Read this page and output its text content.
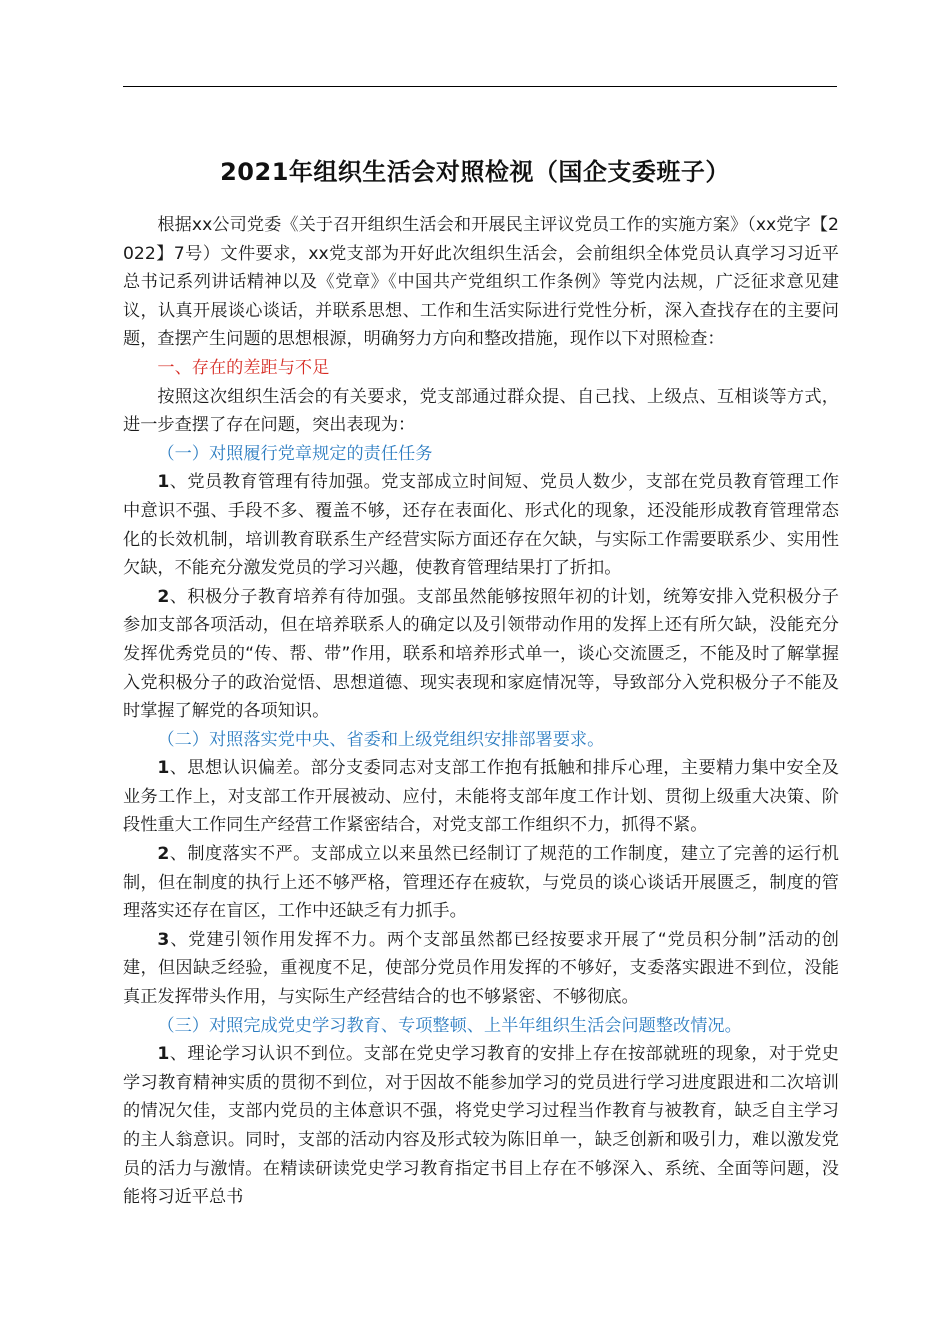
2021年组织生活会对照检视（国企支委班子）

根据xx公司党委《关于召开组织生活会和开展民主评议党员工作的实施方案》（xx党字【2022】7号）文件要求，xx党支部为开好此次组织生活会，会前组织全体党员认真学习习近平总书记系列讲话精神以及《党章》《中国共产党组织工作条例》等党内法规，广泛征求意见建议，认真开展谈心谈话，并联系思想、工作和生活实际进行党性分析，深入查找存在的主要问题，查摆产生问题的思想根源，明确努力方向和整改措施，现作以下对照检查：

一、存在的差距与不足

按照这次组织生活会的有关要求，党支部通过群众提、自己找、上级点、互相谈等方式，进一步查摆了存在问题，突出表现为：

（一）对照履行党章规定的责任任务

1、党员教育管理有待加强。党支部成立时间短、党员人数少，支部在党员教育管理工作中意识不强、手段不多、覆盖不够，还存在表面化、形式化的现象，还没能形成教育管理常态化的长效机制，培训教育联系生产经营实际方面还存在欠缺，与实际工作需要联系少、实用性欠缺，不能充分激发党员的学习兴趣，使教育管理结果打了折扣。

2、积极分子教育培养有待加强。支部虽然能够按照年初的计划，统筹安排入党积极分子参加支部各项活动，但在培养联系人的确定以及引领带动作用的发挥上还有所欠缺，没能充分发挥优秀党员的“传、帮、带”作用，联系和培养形式单一，谈心交流匮乏，不能及时了解掌握入党积极分子的政治觉悟、思想道德、现实表现和家庭情况等，导致部分入党积极分子不能及时掌握了解党的各项知识。

（二）对照落实党中央、省委和上级党组织安排部署要求。

1、思想认识偏差。部分支委同志对支部工作抱有抵触和排斥心理，主要精力集中安全及业务工作上，对支部工作开展被动、应付，未能将支部年度工作计划、贯彻上级重大决策、阶段性重大工作同生产经营工作紧密结合，对党支部工作组织不力，抓得不紧。

2、制度落实不严。支部成立以来虽然已经制订了规范的工作制度，建立了完善的运行机制，但在制度的执行上还不够严格，管理还存在疲软，与党员的谈心谈话开展匮乏，制度的管理落实还存在盲区，工作中还缺乏有力抓手。

3、党建引领作用发挥不力。两个支部虽然都已经按要求开展了“党员积分制”活动的创建，但因缺乏经验，重视度不足，使部分党员作用发挥的不够好，支委落实跟进不到位，没能真正发挥带头作用，与实际生产经营结合的也不够紧密、不够彻底。

（三）对照完成党史学习教育、专项整顿、上半年组织生活会问题整改情况。

1、理论学习认识不到位。支部在党史学习教育的安排上存在按部就班的现象，对于党史学习教育精神实质的贯彻不到位，对于因故不能参加学习的党员进行学习进度跟进和二次培训的情况欠佳，支部内党员的主体意识不强，将党史学习过程当作教育与被教育，缺乏自主学习的主人翁意识。同时，支部的活动内容及形式较为陈旧单一，缺乏创新和吸引力，难以激发党员的活力与激情。在精读研读党史学习教育指定书目上存在不够深入、系统、全面等问题，没能将习近平总书
